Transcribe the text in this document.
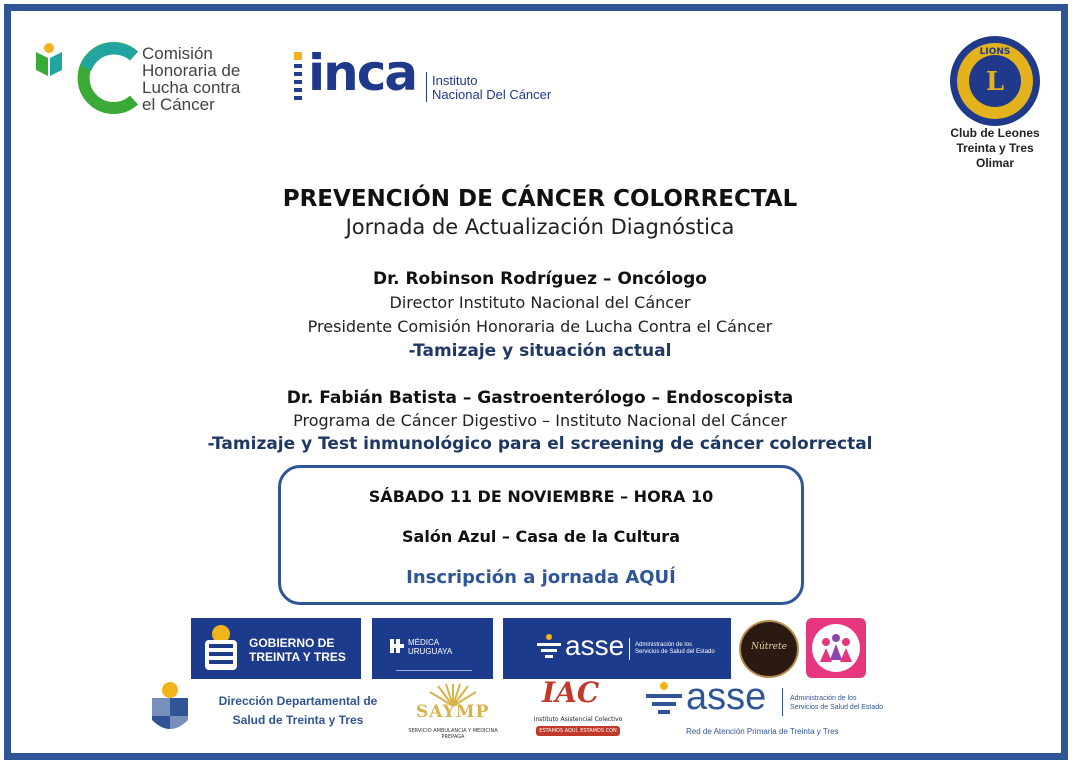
Comisión
Honoraria de
Lucha contra
el Cáncer
inca Instituto
Nacional Del Cáncer	L
LIONS
Club de Leones
Treinta y Tres
Olimar
PREVENCIÓN DE CÁNCER COLORRECTAL
Jornada de Actualización Diagnóstica
Dr. Robinson Rodríguez – Oncólogo
Director Instituto Nacional del Cáncer
Presidente Comisión Honoraria de Lucha Contra el Cáncer
-Tamizaje y situación actual
Dr. Fabián Batista – Gastroenterólogo – Endoscopista
Programa de Cáncer Digestivo – Instituto Nacional del Cáncer
-Tamizaje y Test inmunológico para el screening de cáncer colorrectal
SÁBADO 11 DE NOVIEMBRE – HORA 10
Salón Azul – Casa de la Cultura
Inscripción a jornada AQUÍ
GOBIERNO DE
TREINTA Y TRES
MÉDICA
URUGUAYA	asse Administración de los
Servicios de Salud del Estado	Nútrete
Dirección Departamental de
Salud de Treinta y Tres	SAYMP
SERVICIO AMBULANCIA Y MEDICINA PREPAGA
IAC
Instituto Asistencial Colectivo
ESTAMOS AQUÍ, ESTAMOS CON VOS
asse	Administración de los
Servicios de Salud del Estado
Red de Atención Primaria de Treinta y Tres
